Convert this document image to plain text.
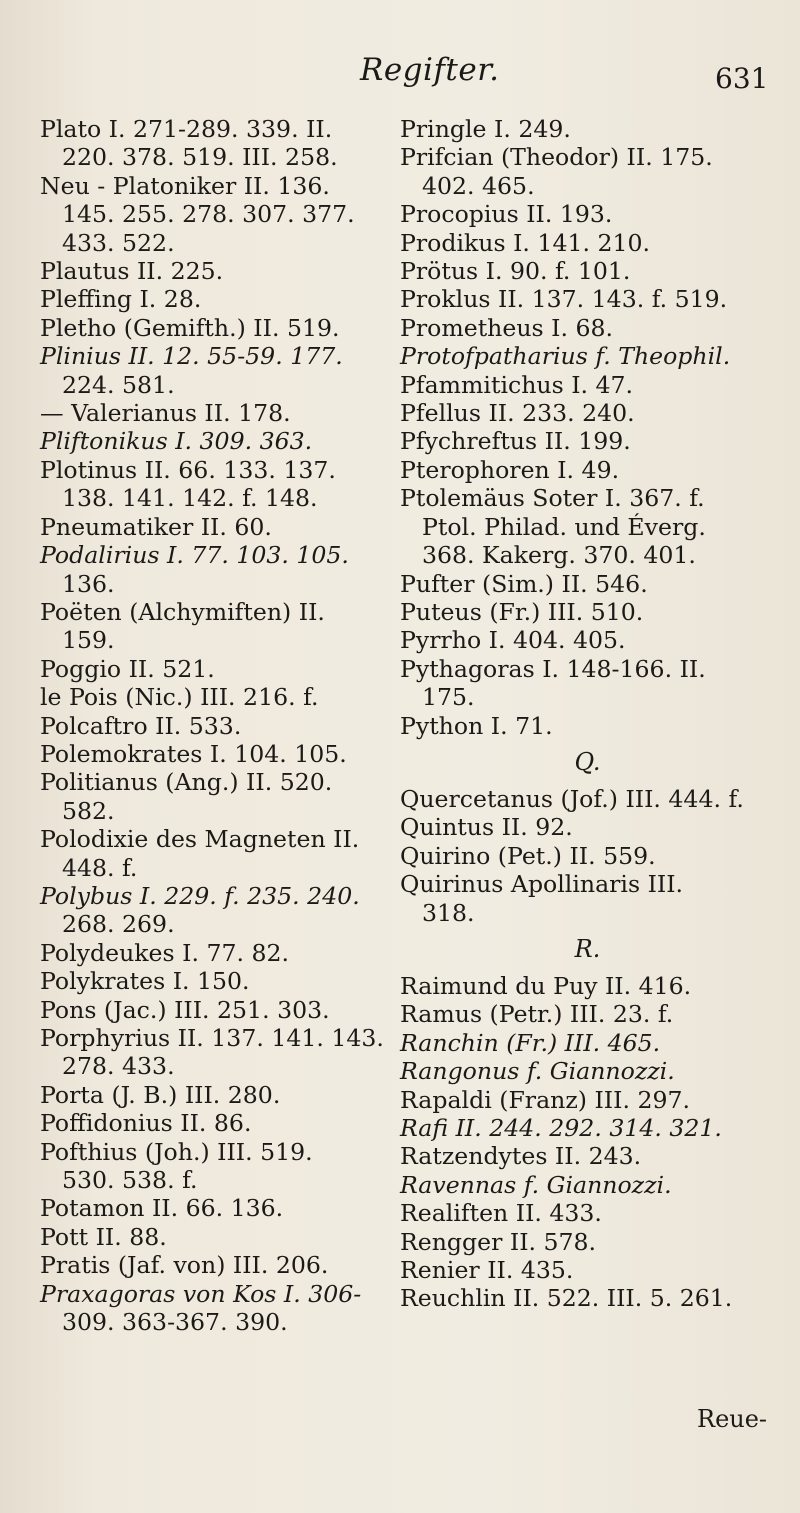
Regifter.	631
Plato I. 271-289. 339. II.
220. 378. 519. III. 258.
Neu - Platoniker II. 136.
145. 255. 278. 307. 377.
433. 522.
Plautus II. 225.
Pleffing I. 28.
Pletho (Gemifth.) II. 519.
Plinius II. 12. 55-59. 177.
224. 581.
— Valerianus II. 178.
Pliftonikus I. 309. 363.
Plotinus II. 66. 133. 137.
138. 141. 142. f. 148.
Pneumatiker II. 60.
Podalirius I. 77. 103. 105.
136.
Poëten (Alchymiften) II.
159.
Poggio II. 521.
le Pois (Nic.) III. 216. f.
Polcaftro II. 533.
Polemokrates I. 104. 105.
Politianus (Ang.) II. 520.
582.
Polodixie des Magneten II.
448. f.
Polybus I. 229. f. 235. 240.
268. 269.
Polydeukes I. 77. 82.
Polykrates I. 150.
Pons (Jac.) III. 251. 303.
Porphyrius II. 137. 141. 143.
278. 433.
Porta (J. B.) III. 280.
Poffidonius II. 86.
Pofthius (Joh.) III. 519.
530. 538. f.
Potamon II. 66. 136.
Pott II. 88.
Pratis (Jaf. von) III. 206.
Praxagoras von Kos I. 306-
309. 363-367. 390.
Pringle I. 249.
Prifcian (Theodor) II. 175.
402. 465.
Procopius II. 193.
Prodikus I. 141. 210.
Prötus I. 90. f. 101.
Proklus II. 137. 143. f. 519.
Prometheus I. 68.
Protofpatharius f. Theophil.
Pfammitichus I. 47.
Pfellus II. 233. 240.
Pfychreftus II. 199.
Pterophoren I. 49.
Ptolemäus Soter I. 367. f.
Ptol. Philad. und Éverg.
368. Kakerg. 370. 401.
Pufter (Sim.) II. 546.
Puteus (Fr.) III. 510.
Pyrrho I. 404. 405.
Pythagoras I. 148-166. II.
175.
Python I. 71.
Q.
Quercetanus (Jof.) III. 444. f.
Quintus II. 92.
Quirino (Pet.) II. 559.
Quirinus Apollinaris III.
318.
R.
Raimund du Puy II. 416.
Ramus (Petr.) III. 23. f.
Ranchin (Fr.) III. 465.
Rangonus f. Giannozzi.
Rapaldi (Franz) III. 297.
Rafi II. 244. 292. 314. 321.
Ratzendytes II. 243.
Ravennas f. Giannozzi.
Realiften II. 433.
Rengger II. 578.
Renier II. 435.
Reuchlin II. 522. III. 5. 261.
Reue-
